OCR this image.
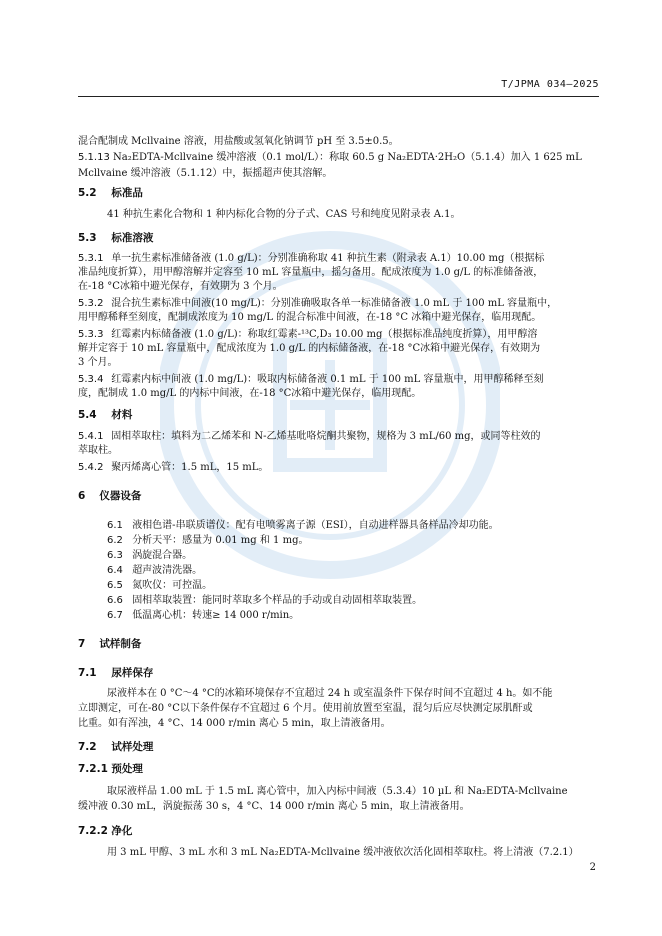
T/JPMA 034—2025
混合配制成 Mcllvaine 溶液，用盐酸或氢氧化钠调节 pH 至 3.5±0.5。
5.1.13 Na₂EDTA-Mcllvaine 缓冲溶液（0.1 mol/L）：称取 60.5 g Na₂EDTA·2H₂O（5.1.4）加入 1 625 mL
Mcllvaine 缓冲溶液（5.1.12）中，振摇超声使其溶解。
5.2 标准品
41 种抗生素化合物和 1 种内标化合物的分子式、CAS 号和纯度见附录表 A.1。
5.3 标准溶液
5.3.1 单一抗生素标准储备液 (1.0 g/L)：分别准确称取 41 种抗生素（附录表 A.1）10.00 mg（根据标
准品纯度折算），用甲醇溶解并定容至 10 mL 容量瓶中，摇匀备用。配成浓度为 1.0 g/L 的标准储备液，
在-18 °C冰箱中避光保存，有效期为 3 个月。
5.3.2 混合抗生素标准中间液(10 mg/L)：分别准确吸取各单一标准储备液 1.0 mL 于 100 mL 容量瓶中，
用甲醇稀释至刻度，配制成浓度为 10 mg/L 的混合标准中间液，在-18 °C 冰箱中避光保存，临用现配。
5.3.3 红霉素内标储备液 (1.0 g/L)：称取红霉素-¹³C,D₃ 10.00 mg（根据标准品纯度折算），用甲醇溶
解并定容于 10 mL 容量瓶中，配成浓度为 1.0 g/L 的内标储备液，在-18 °C冰箱中避光保存，有效期为
3 个月。
5.3.4 红霉素内标中间液 (1.0 mg/L)：吸取内标储备液 0.1 mL 于 100 mL 容量瓶中，用甲醇稀释至刻
度，配制成 1.0 mg/L 的内标中间液，在-18 °C冰箱中避光保存，临用现配。
5.4 材料
5.4.1 固相萃取柱：填料为二乙烯苯和 N-乙烯基吡咯烷酮共聚物，规格为 3 mL/60 mg，或同等柱效的
萃取柱。
5.4.2 聚丙烯离心管：1.5 mL，15 mL。
6 仪器设备
6.1 液相色谱-串联质谱仪：配有电喷雾离子源（ESI），自动进样器具备样品冷却功能。
6.2 分析天平：感量为 0.01 mg 和 1 mg。
6.3 涡旋混合器。
6.4 超声波清洗器。
6.5 氮吹仪：可控温。
6.6 固相萃取装置：能同时萃取多个样品的手动或自动固相萃取装置。
6.7 低温离心机：转速≥ 14 000 r/min。
7 试样制备
7.1 尿样保存
尿液样本在 0 °C～4 °C的冰箱环境保存不宜超过 24 h 或室温条件下保存时间不宜超过 4 h。如不能
立即测定，可在-80 °C以下条件保存不宜超过 6 个月。使用前放置至室温，混匀后应尽快测定尿肌酐或
比重。如有浑浊，4 °C、14 000 r/min 离心 5 min，取上清液备用。
7.2 试样处理
7.2.1 预处理
取尿液样品 1.00 mL 于 1.5 mL 离心管中，加入内标中间液（5.3.4）10 µL 和 Na₂EDTA-Mcllvaine
缓冲液 0.30 mL，涡旋振荡 30 s，4 °C、14 000 r/min 离心 5 min，取上清液备用。
7.2.2 净化
用 3 mL 甲醇、3 mL 水和 3 mL Na₂EDTA-Mcllvaine 缓冲液依次活化固相萃取柱。将上清液（7.2.1）
2
